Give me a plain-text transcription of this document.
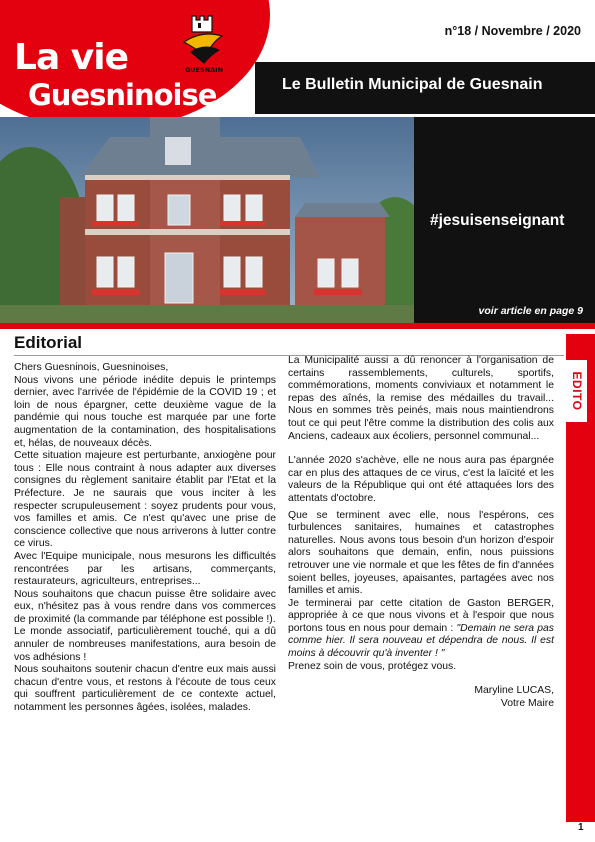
La vie
Guesninoise
GUESNAIN
n°18 / Novembre / 2020
Le Bulletin Municipal de Guesnain
#jesuisenseignant
voir article en page 9
Editorial

Chers Guesninois, Guesninoises,

Nous vivons une période inédite depuis le printemps dernier, avec l'arrivée de l'épidémie de la COVID 19 ; et loin de nous épargner, cette deuxième vague de la pandémie qui nous touche est marquée par une forte augmentation de la contamination, des hospitalisations et, hélas, de nouveaux décès.

Cette situation majeure est perturbante, anxiogène pour tous : Elle nous contraint à nous adapter aux diverses consignes du règlement sanitaire établit par l'Etat et la Préfecture. Je ne saurais que vous inciter à les respecter scrupuleusement : soyez prudents pour vous, vos familles et amis. Ce n'est qu'avec une prise de conscience collective que nous arriverons à lutter contre ce virus.

Avec l'Equipe municipale, nous mesurons les difficultés rencontrées par les artisans, commerçants, restaurateurs, agriculteurs, entreprises...

Nous souhaitons que chacun puisse être solidaire avec eux, n'hésitez pas à vous rendre dans vos commerces de proximité (la commande par téléphone est possible !).

Le monde associatif, particulièrement touché, qui a dû annuler de nombreuses manifestations, aura besoin de vos adhésions !

Nous souhaitons soutenir chacun d'entre eux mais aussi chacun d'entre vous, et restons à l'écoute de tous ceux qui souffrent particulièrement de ce contexte actuel, notamment les personnes âgées, isolées, malades.

La Municipalité aussi a dû renoncer à l'organisation de certains rassemblements, culturels, sportifs, commémorations, moments conviviaux et notamment le repas des aînés, la remise des médailles du travail... Nous en sommes très peinés, mais nous maintiendrons tout ce qui peut l'être comme la distribution des colis aux Anciens, cadeaux aux écoliers, personnel communal...

L'année 2020 s'achève, elle ne nous aura pas épargnée car en plus des attaques de ce virus, c'est la laïcité et les valeurs de la République qui ont été attaquées lors des attentats d'octobre.

Que se terminent avec elle, nous l'espérons, ces turbulences sanitaires, humaines et catastrophes naturelles. Nous avons tous besoin d'un horizon d'espoir alors souhaitons que demain, enfin, nous puissions retrouver une vie normale et que les fêtes de fin d'années soient belles, joyeuses, apaisantes, partagées avec nos familles et amis.

Je terminerai par cette citation de Gaston BERGER, appropriée à ce que nous vivons et à l'espoir que nous portons tous en nous pour demain : "Demain ne sera pas comme hier. Il sera nouveau et dépendra de nous. Il est moins à découvrir qu'à inventer ! "

Prenez soin de vous, protégez vous.

Maryline LUCAS,
Votre Maire
EDITO
1
